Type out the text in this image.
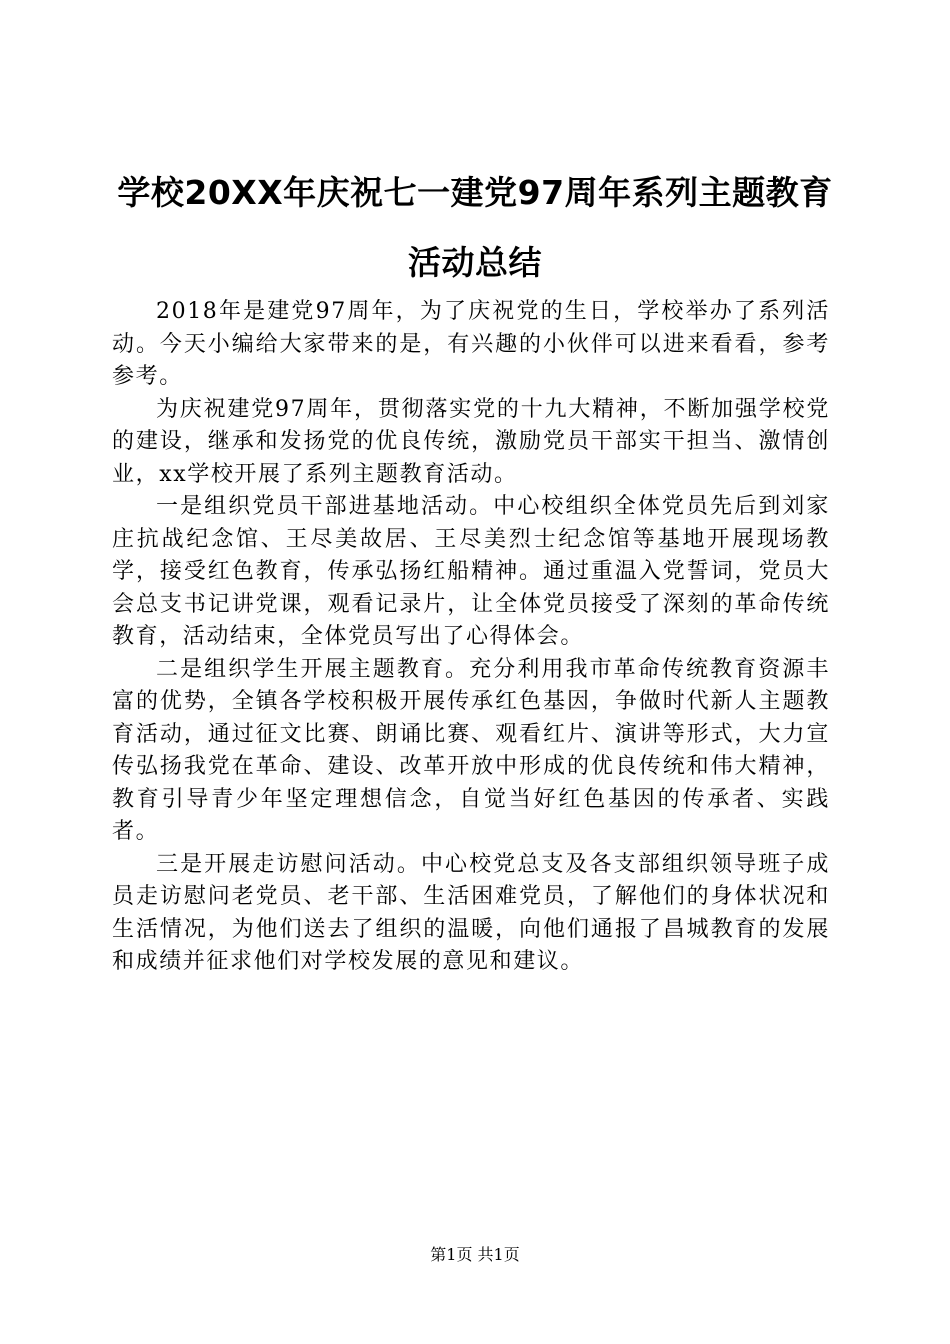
学校20XX年庆祝七一建党97周年系列主题教育活动总结

2018年是建党97周年，为了庆祝党的生日，学校举办了系列活动。今天小编给大家带来的是，有兴趣的小伙伴可以进来看看，参考参考。

为庆祝建党97周年，贯彻落实党的十九大精神，不断加强学校党的建设，继承和发扬党的优良传统，激励党员干部实干担当、激情创业，xx学校开展了系列主题教育活动。

一是组织党员干部进基地活动。中心校组织全体党员先后到刘家庄抗战纪念馆、王尽美故居、王尽美烈士纪念馆等基地开展现场教学，接受红色教育，传承弘扬红船精神。通过重温入党誓词，党员大会总支书记讲党课，观看记录片，让全体党员接受了深刻的革命传统教育，活动结束，全体党员写出了心得体会。

二是组织学生开展主题教育。充分利用我市革命传统教育资源丰富的优势，全镇各学校积极开展传承红色基因，争做时代新人主题教育活动，通过征文比赛、朗诵比赛、观看红片、演讲等形式，大力宣传弘扬我党在革命、建设、改革开放中形成的优良传统和伟大精神，教育引导青少年坚定理想信念，自觉当好红色基因的传承者、实践者。

三是开展走访慰问活动。中心校党总支及各支部组织领导班子成员走访慰问老党员、老干部、生活困难党员，了解他们的身体状况和生活情况，为他们送去了组织的温暖，向他们通报了昌城教育的发展和成绩并征求他们对学校发展的意见和建议。

第1页 共1页
